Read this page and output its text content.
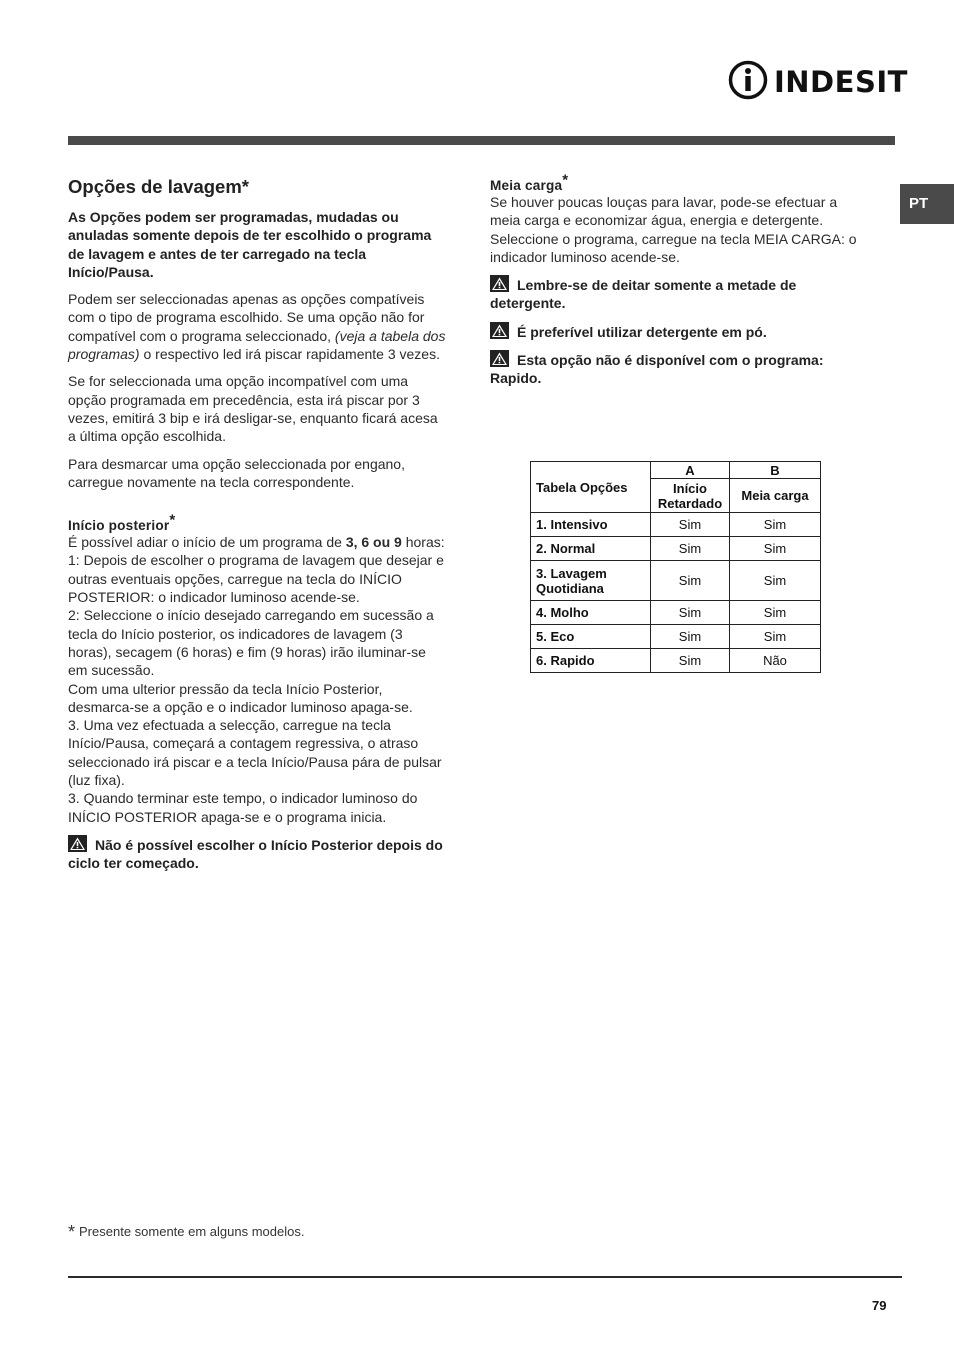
INDESIT
PT
Opções de lavagem*

As Opções podem ser programadas, mudadas ou anuladas somente depois de ter escolhido o programa de lavagem e antes de ter carregado na tecla Início/Pausa.

Podem ser seleccionadas apenas as opções compatíveis com o tipo de programa escolhido. Se uma opção não for compatível com o programa seleccionado, (veja a tabela dos programas) o respectivo led irá piscar rapidamente 3 vezes.

Se for seleccionada uma opção incompatível com uma opção programada em precedência, esta irá piscar por 3 vezes, emitirá 3 bip e irá desligar-se, enquanto ficará acesa a última opção escolhida.

Para desmarcar uma opção seleccionada por engano, carregue novamente na tecla correspondente.

Início posterior*

É possível adiar o início de um programa de 3, 6 ou 9 horas:

1: Depois de escolher o programa de lavagem que desejar e outras eventuais opções, carregue na tecla do INÍCIO POSTERIOR: o indicador luminoso acende-se.

2: Seleccione o início desejado carregando em sucessão a tecla do Início posterior, os indicadores de lavagem (3 horas), secagem (6 horas) e fim (9 horas) irão iluminar-se em sucessão.

Com uma ulterior pressão da tecla Início Posterior, desmarca-se a opção e o indicador luminoso apaga-se.

3. Uma vez efectuada a selecção, carregue na tecla Início/Pausa, começará a contagem regressiva, o atraso seleccionado irá piscar e a tecla Início/Pausa pára de pulsar (luz fixa).

3. Quando terminar este tempo, o indicador luminoso do INÍCIO POSTERIOR apaga-se e o programa inicia.

Não é possível escolher o Início Posterior depois do ciclo ter começado.

Meia carga*

Se houver poucas louças para lavar, pode-se efectuar a meia carga e economizar água, energia e detergente. Seleccione o programa, carregue na tecla MEIA CARGA: o indicador luminoso acende-se.

Lembre-se de deitar somente a metade de detergente.

É preferível utilizar detergente em pó.

Esta opção não é disponível com o programa: Rapido.

Tabela Opções	A	B
	Início Retardado	Meia carga
1. Intensivo	Sim	Sim
2. Normal	Sim	Sim
3. Lavagem Quotidiana	Sim	Sim
4. Molho	Sim	Sim
5. Eco	Sim	Sim
6. Rapido	Sim	Não
* Presente somente em alguns modelos.
79
